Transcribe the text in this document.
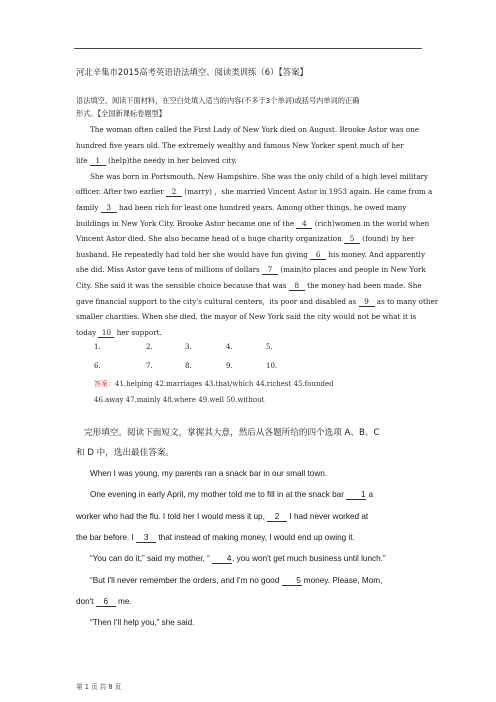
河北辛集市2015高考英语语法填空、阅读类训练（6）【答案】
语法填空。阅读下面材料，在空白处填入适当的内容(不多于3个单词)或括号内单词的正确
形式。【全国新课标卷题型】
The woman often called the First Lady of New York died on August. Brooke Astor was one
hundred five years old. The extremely wealthy and famous New Yorker spent much of her
life 1 (help)the needy in her beloved city.
She was born in Portsmouth, New Hampshire. She was the only child of a high level military
officer. After two earlier 2 (marry) ，she married Vincent Astor in 1953 again. He came from a
family 3 had been rich for least one hundred years. Among other things, he owed many
buildings in New York City. Brooke Astor became one of the 4 (rich)women in the world when
Vincent Astor died. She also became head of a huge charity organization 5 (found) by her
husband. He repeatedly had told her she would have fun giving 6 his money. And apparently
she did. Miss Astor gave tens of millions of dollars 7 (main)to places and people in New York
City. She said it was the sensible choice because that was 8 the money had been made. She
gave financial support to the city's cultural centers，its poor and disabled as 9 as to many other
smaller charities. When she died, the mayor of New York said the city would not be what it is
today 10 her support.
1.	2.	3.	4.	5.
6.	7.	8.	9.	10.
答案：41.helping 42.marriages 43.that/which 44.richest 45.founded
46.away 47.mainly 48.where 49.well 50.without
完形填空。阅读下面短文，掌握其大意，然后从各题所给的四个选项 A、B、C
和 D 中，选出最佳答案。
When I was young, my parents ran a snack bar in our small town.
One evening in early April, my mother told me to fill in at the snack bar 1 a
worker who had the flu. I told her I would mess it up, 2 I had never worked at
the bar before. I 3 that instead of making money, I would end up owing it.
“You can do it,” said my mother, “ 4, you won't get much business until lunch.”
“But I'll never remember the orders, and I'm no good 5 money. Please, Mom,
don't 6 me.
“Then I'll help you,” she said.
第 1 页 共 8 页
